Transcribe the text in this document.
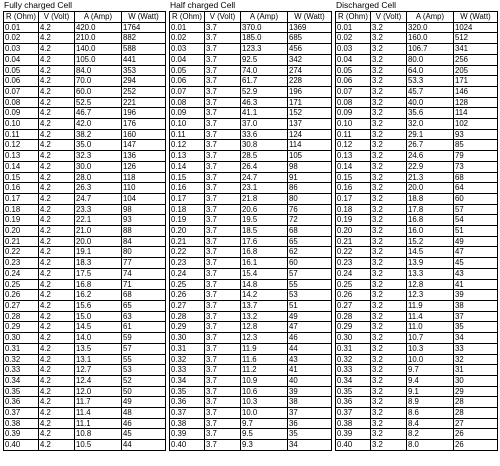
Fully charged Cell
R (Ohm)	V (Volt)	A (Amp)	W (Watt)
0.01	4.2	420.0	1764
0.02	4.2	210.0	882
0.03	4.2	140.0	588
0.04	4.2	105.0	441
0.05	4.2	84.0	353
0.06	4.2	70.0	294
0.07	4.2	60.0	252
0.08	4.2	52.5	221
0.09	4.2	46.7	196
0.10	4.2	42.0	176
0.11	4.2	38.2	160
0.12	4.2	35.0	147
0.13	4.2	32.3	136
0.14	4.2	30.0	126
0.15	4.2	28.0	118
0.16	4.2	26.3	110
0.17	4.2	24.7	104
0.18	4.2	23.3	98
0.19	4.2	22.1	93
0.20	4.2	21.0	88
0.21	4.2	20.0	84
0.22	4.2	19.1	80
0.23	4.2	18.3	77
0.24	4.2	17.5	74
0.25	4.2	16.8	71
0.26	4.2	16.2	68
0.27	4.2	15.6	65
0.28	4.2	15.0	63
0.29	4.2	14.5	61
0.30	4.2	14.0	59
0.31	4.2	13.5	57
0.32	4.2	13.1	55
0.33	4.2	12.7	53
0.34	4.2	12.4	52
0.35	4.2	12.0	50
0.36	4.2	11.7	49
0.37	4.2	11.4	48
0.38	4.2	11.1	46
0.39	4.2	10.8	45
0.40	4.2	10.5	44
Half charged Cell
R (Ohm)	V (Volt)	A (Amp)	W (Watt)
0.01	3.7	370.0	1369
0.02	3.7	185.0	685
0.03	3.7	123.3	456
0.04	3.7	92.5	342
0.05	3.7	74.0	274
0.06	3.7	61.7	228
0.07	3.7	52.9	196
0.08	3.7	46.3	171
0.09	3.7	41.1	152
0.10	3.7	37.0	137
0.11	3.7	33.6	124
0.12	3.7	30.8	114
0.13	3.7	28.5	105
0.14	3.7	26.4	98
0.15	3.7	24.7	91
0.16	3.7	23.1	86
0.17	3.7	21.8	80
0.18	3.7	20.6	76
0.19	3.7	19.5	72
0.20	3.7	18.5	68
0.21	3.7	17.6	65
0.22	3.7	16.8	62
0.23	3.7	16.1	60
0.24	3.7	15.4	57
0.25	3.7	14.8	55
0.26	3.7	14.2	53
0.27	3.7	13.7	51
0.28	3.7	13.2	49
0.29	3.7	12.8	47
0.30	3.7	12.3	46
0.31	3.7	11.9	44
0.32	3.7	11.6	43
0.33	3.7	11.2	41
0.34	3.7	10.9	40
0.35	3.7	10.6	39
0.36	3.7	10.3	38
0.37	3.7	10.0	37
0.38	3.7	9.7	36
0.39	3.7	9.5	35
0.40	3.7	9.3	34
Discharged Cell
R (Ohm)	V (Volt)	A (Amp)	W (Watt)
0.01	3.2	320.0	1024
0.02	3.2	160.0	512
0.03	3.2	106.7	341
0.04	3.2	80.0	256
0.05	3.2	64.0	205
0.06	3.2	53.3	171
0.07	3.2	45.7	146
0.08	3.2	40.0	128
0.09	3.2	35.6	114
0.10	3.2	32.0	102
0.11	3.2	29.1	93
0.12	3.2	26.7	85
0.13	3.2	24.6	79
0.14	3.2	22.9	73
0.15	3.2	21.3	68
0.16	3.2	20.0	64
0.17	3.2	18.8	60
0.18	3.2	17.8	57
0.19	3.2	16.8	54
0.20	3.2	16.0	51
0.21	3.2	15.2	49
0.22	3.2	14.5	47
0.23	3.2	13.9	45
0.24	3.2	13.3	43
0.25	3.2	12.8	41
0.26	3.2	12.3	39
0.27	3.2	11.9	38
0.28	3.2	11.4	37
0.29	3.2	11.0	35
0.30	3.2	10.7	34
0.31	3.2	10.3	33
0.32	3.2	10.0	32
0.33	3.2	9.7	31
0.34	3.2	9.4	30
0.35	3.2	9.1	29
0.36	3.2	8.9	28
0.37	3.2	8.6	28
0.38	3.2	8.4	27
0.39	3.2	8.2	26
0.40	3.2	8.0	26
